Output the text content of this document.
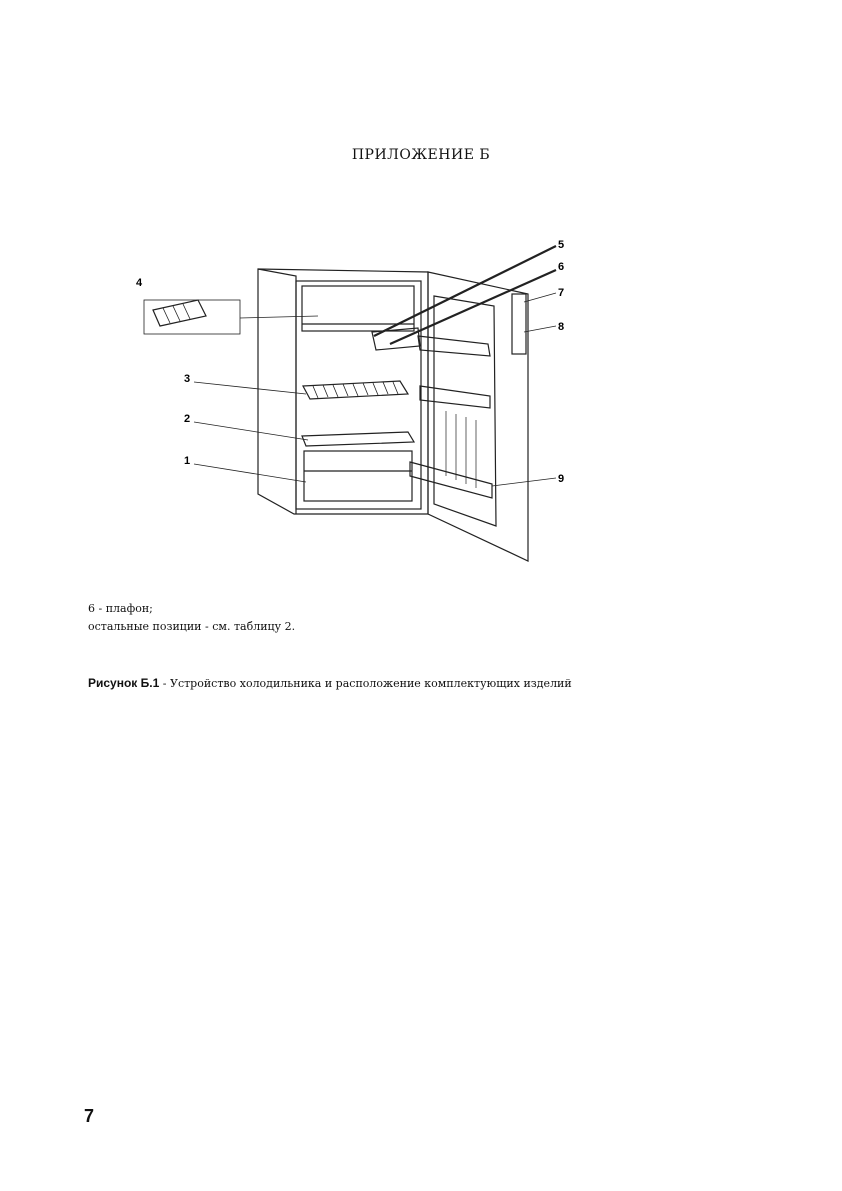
ПРИЛОЖЕНИЕ Б
4
3
2
1
5
6
7
8
9
6 - плафон;
остальные позиции - см. таблицу 2.
Рисунок Б.1 - Устройство холодильника и расположение комплектующих изделий
7
